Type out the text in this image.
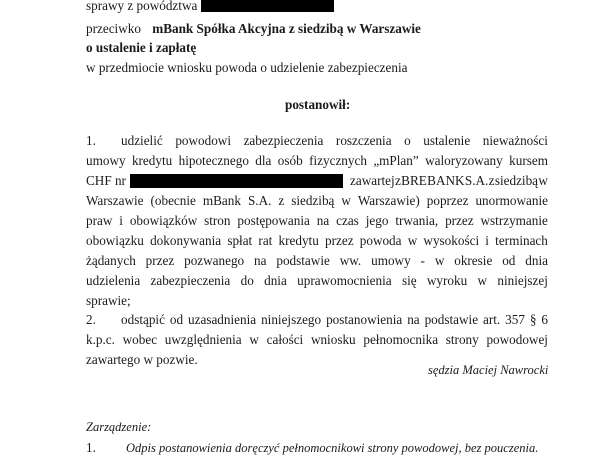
sprawy z powództwa
przeciwko mBank Spółka Akcyjna z siedzibą w Warszawie
o ustalenie i zapłatę
w przedmiocie wniosku powoda o udzielenie zabezpieczenia
postanowił:
1. udzielić powodowi zabezpieczenia roszczenia o ustalenie nieważności
umowy kredytu hipotecznego dla osób fizycznych „mPlan” waloryzowany kursem
CHF nr	zawartej z BRE BANK S.A. z siedzibą w
Warszawie (obecnie mBank S.A. z siedzibą w Warszawie) poprzez unormowanie
praw i obowiązków stron postępowania na czas jego trwania, przez wstrzymanie
obowiązku dokonywania spłat rat kredytu przez powoda w wysokości i terminach
żądanych przez pozwanego na podstawie ww. umowy - w okresie od dnia
udzielenia zabezpieczenia do dnia uprawomocnienia się wyroku w niniejszej
sprawie;
2. odstąpić od uzasadnienia niniejszego postanowienia na podstawie art. 357 § 6
k.p.c. wobec uwzględnienia w całości wniosku pełnomocnika strony powodowej
zawartego w pozwie.
sędzia Maciej Nawrocki
Zarządzenie:
1. Odpis postanowienia doręczyć pełnomocnikowi strony powodowej, bez pouczenia.
